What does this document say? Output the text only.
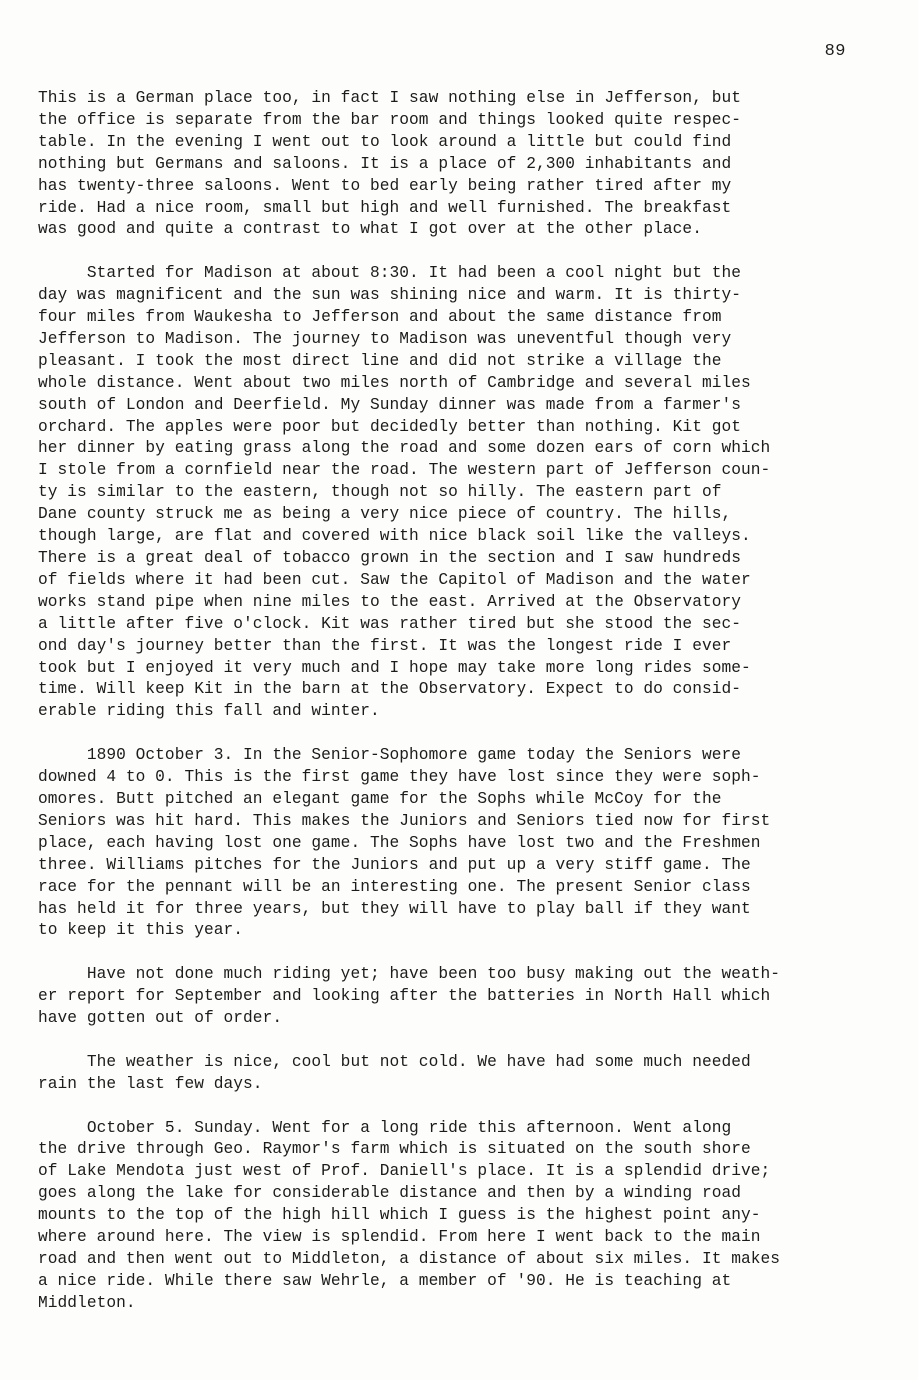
89
This is a German place too, in fact I saw nothing else in Jefferson, but
the office is separate from the bar room and things looked quite respec-
table. In the evening I went out to look around a little but could find
nothing but Germans and saloons. It is a place of 2,300 inhabitants and
has twenty-three saloons. Went to bed early being rather tired after my
ride. Had a nice room, small but high and well furnished. The breakfast
was good and quite a contrast to what I got over at the other place.
Started for Madison at about 8:30. It had been a cool night but the
day was magnificent and the sun was shining nice and warm. It is thirty-
four miles from Waukesha to Jefferson and about the same distance from
Jefferson to Madison. The journey to Madison was uneventful though very
pleasant. I took the most direct line and did not strike a village the
whole distance. Went about two miles north of Cambridge and several miles
south of London and Deerfield. My Sunday dinner was made from a farmer's
orchard. The apples were poor but decidedly better than nothing. Kit got
her dinner by eating grass along the road and some dozen ears of corn which
I stole from a cornfield near the road. The western part of Jefferson coun-
ty is similar to the eastern, though not so hilly. The eastern part of
Dane county struck me as being a very nice piece of country. The hills,
though large, are flat and covered with nice black soil like the valleys.
There is a great deal of tobacco grown in the section and I saw hundreds
of fields where it had been cut. Saw the Capitol of Madison and the water
works stand pipe when nine miles to the east. Arrived at the Observatory
a little after five o'clock. Kit was rather tired but she stood the sec-
ond day's journey better than the first. It was the longest ride I ever
took but I enjoyed it very much and I hope may take more long rides some-
time. Will keep Kit in the barn at the Observatory. Expect to do consid-
erable riding this fall and winter.
1890 October 3. In the Senior-Sophomore game today the Seniors were
downed 4 to 0. This is the first game they have lost since they were soph-
omores. Butt pitched an elegant game for the Sophs while McCoy for the
Seniors was hit hard. This makes the Juniors and Seniors tied now for first
place, each having lost one game. The Sophs have lost two and the Freshmen
three. Williams pitches for the Juniors and put up a very stiff game. The
race for the pennant will be an interesting one. The present Senior class
has held it for three years, but they will have to play ball if they want
to keep it this year.
Have not done much riding yet; have been too busy making out the weath-
er report for September and looking after the batteries in North Hall which
have gotten out of order.
The weather is nice, cool but not cold. We have had some much needed
rain the last few days.
October 5. Sunday. Went for a long ride this afternoon. Went along
the drive through Geo. Raymor's farm which is situated on the south shore
of Lake Mendota just west of Prof. Daniell's place. It is a splendid drive;
goes along the lake for considerable distance and then by a winding road
mounts to the top of the high hill which I guess is the highest point any-
where around here. The view is splendid. From here I went back to the main
road and then went out to Middleton, a distance of about six miles. It makes
a nice ride. While there saw Wehrle, a member of '90. He is teaching at
Middleton.
